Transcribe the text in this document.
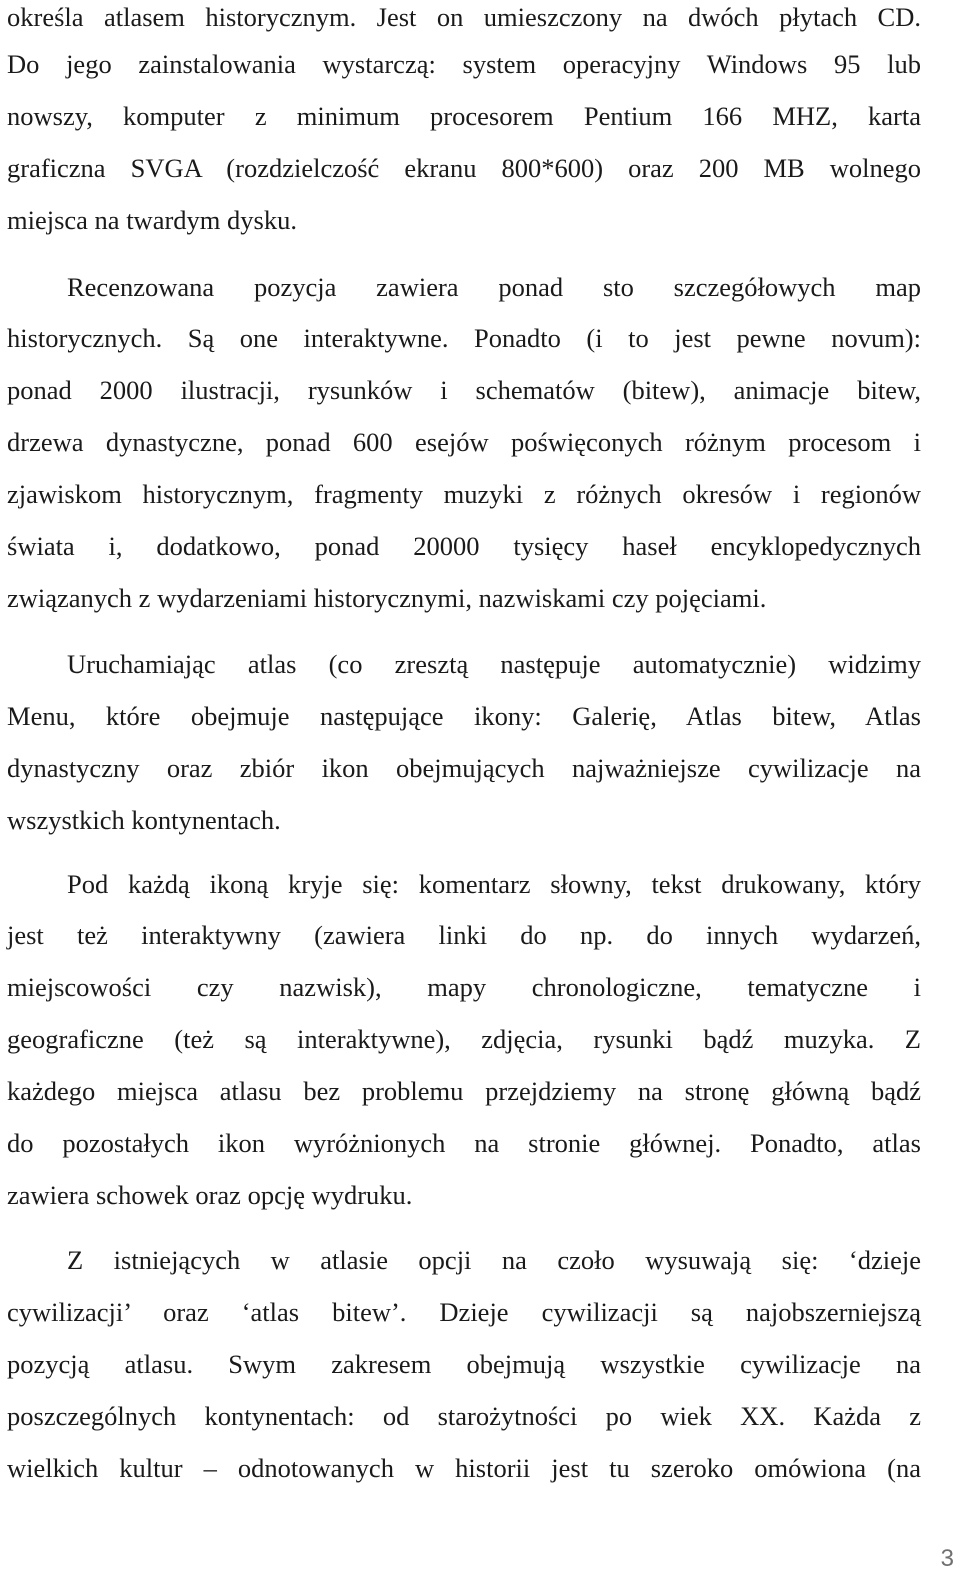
określa atlasem historycznym. Jest on umieszczony na dwóch płytach CD.
Do jego zainstalowania wystarczą: system operacyjny Windows 95 lub
nowszy, komputer z minimum procesorem Pentium 166 MHZ, karta
graficzna SVGA (rozdzielczość ekranu 800*600) oraz 200 MB wolnego
miejsca na twardym dysku.
Recenzowana pozycja zawiera ponad sto szczegółowych map
historycznych. Są one interaktywne. Ponadto (i to jest pewne novum):
ponad 2000 ilustracji, rysunków i schematów (bitew), animacje bitew,
drzewa dynastyczne, ponad 600 esejów poświęconych różnym procesom i
zjawiskom historycznym, fragmenty muzyki z różnych okresów i regionów
świata i, dodatkowo, ponad 20000 tysięcy haseł encyklopedycznych
związanych z wydarzeniami historycznymi, nazwiskami czy pojęciami.
Uruchamiając atlas (co zresztą następuje automatycznie) widzimy
Menu, które obejmuje następujące ikony: Galerię, Atlas bitew, Atlas
dynastyczny oraz zbiór ikon obejmujących najważniejsze cywilizacje na
wszystkich kontynentach.
Pod każdą ikoną kryje się: komentarz słowny, tekst drukowany, który
jest też interaktywny (zawiera linki do np. do innych wydarzeń,
miejscowości czy nazwisk), mapy chronologiczne, tematyczne i
geograficzne (też są interaktywne), zdjęcia, rysunki bądź muzyka. Z
każdego miejsca atlasu bez problemu przejdziemy na stronę główną bądź
do pozostałych ikon wyróżnionych na stronie głównej. Ponadto, atlas
zawiera schowek oraz opcję wydruku.
Z istniejących w atlasie opcji na czoło wysuwają się: ‘dzieje
cywilizacji’ oraz ‘atlas bitew’. Dzieje cywilizacji są najobszerniejszą
pozycją atlasu. Swym zakresem obejmują wszystkie cywilizacje na
poszczególnych kontynentach: od starożytności po wiek XX. Każda z
wielkich kultur – odnotowanych w historii jest tu szeroko omówiona (na
3
